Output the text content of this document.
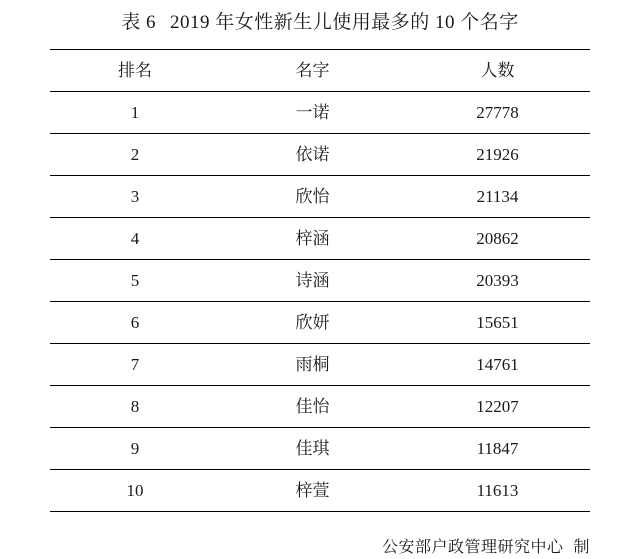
表 6 2019 年女性新生儿使用最多的 10 个名字
排名	名字	人数
1	一诺	27778
2	依诺	21926
3	欣怡	21134
4	梓涵	20862
5	诗涵	20393
6	欣妍	15651
7	雨桐	14761
8	佳怡	12207
9	佳琪	11847
10	梓萱	11613
公安部户政管理研究中心 制
